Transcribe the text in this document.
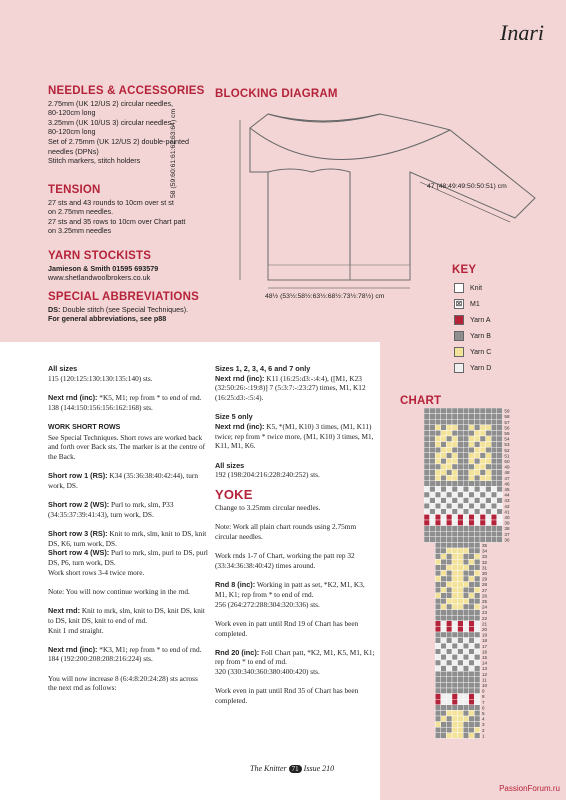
Inari
NEEDLES & ACCESSORIES

2.75mm (UK 12/US 2) circular needles,

80-120cm long

3.25mm (UK 10/US 3) circular needles,

80-120cm long

Set of 2.75mm (UK 12/US 2) double-pointed

needles (DPNs)

Stitch markers, stitch holders

TENSION

27 sts and 43 rounds to 10cm over st st

on 2.75mm needles.

27 sts and 35 rows to 10cm over Chart patt

on 3.25mm needles

YARN STOCKISTS

Jamieson & Smith 01595 693579

www.shetlandwoolbrokers.co.uk

SPECIAL ABBREVIATIONS

DS: Double stitch (see Special Techniques).

For general abbreviations, see p88

BLOCKING DIAGRAM
47 (48:49:49:50:50:51) cm
58 (59:60:61:61:62:63:64) cm
48½ (53½:58½:63½:68½:73½:78½) cm
KEY
Knit
⊠ M1
Yarn A
Yarn B
Yarn C
Yarn D
CHART
59
58
57
56
55
54
53
52
51
50
49
48
47
46
45
44
43
42
41
40
39
38
37
36
35
34
33
32
31
30
29
28
27
26
25
24
23
22
21
20
19
18
17
16
15
14
13
12
11
10
9
8
7
6
5
4
3
2
1

All sizes
115 (120:125:130:130:135:140) sts.

Next rnd (inc): *K5, M1; rep from * to end of rnd.
138 (144:150:156:156:162:168) sts.

WORK SHORT ROWS
See Special Techniques. Short rows are worked back and forth over Back sts. The marker is at the centre of the Back.

Short row 1 (RS): K34 (35:36:38:40:42:44), turn work, DS.

Short row 2 (WS): Purl to mrk, slm, P33 (34:35:37:39:41:43), turn work, DS.

Short row 3 (RS): Knit to mrk, slm, knit to DS, knit DS, K6, turn work, DS.

Short row 4 (WS): Purl to mrk, slm, purl to DS, purl DS, P6, turn work, DS.

Work short rows 3-4 twice more.

Note: You will now continue working in the rnd.

Next rnd: Knit to mrk, slm, knit to DS, knit DS, knit to DS, knit DS, knit to end of rnd.

Knit 1 rnd straight.

Next rnd (inc): *K3, M1; rep from * to end of rnd.
184 (192:200:208:208:216:224) sts.

You will now increase 8 (6:4:8:20:24:28) sts across the next rnd as follows:

Sizes 1, 2, 3, 4, 6 and 7 only
Next rnd (inc): K11 (16:25:d3:-:4:4), ([M1, K23 (32:50:26:-:19:8)] 7 (5:3:7:-:23:27) times, M1, K12 (16:25:d3:-:5:4).

Size 5 only
Next rnd (inc): K5, *(M1, K10) 3 times, (M1, K11) twice; rep from * twice more, (M1, K10) 3 times, M1, K11, M1, K6.

All sizes
192 (198:204:216:228:240:252) sts.

YOKE

Change to 3.25mm circular needles.

Note: Work all plain chart rounds using 2.75mm circular needles.

Work rnds 1-7 of Chart, working the patt rep 32 (33:34:36:38:40:42) times around.

Rnd 8 (inc): Working in patt as set, *K2, M1, K3, M1, K1; rep from * to end of rnd.
256 (264:272:288:304:320:336) sts.

Work even in patt until Rnd 19 of Chart has been completed.

Rnd 20 (inc): Foll Chart patt, *K2, M1, K5, M1, K1; rep from * to end of rnd.
320 (330:340:360:380:400:420) sts.

Work even in patt until Rnd 35 of Chart has been completed.

The Knitter 71 Issue 210
PassionForum.ru
